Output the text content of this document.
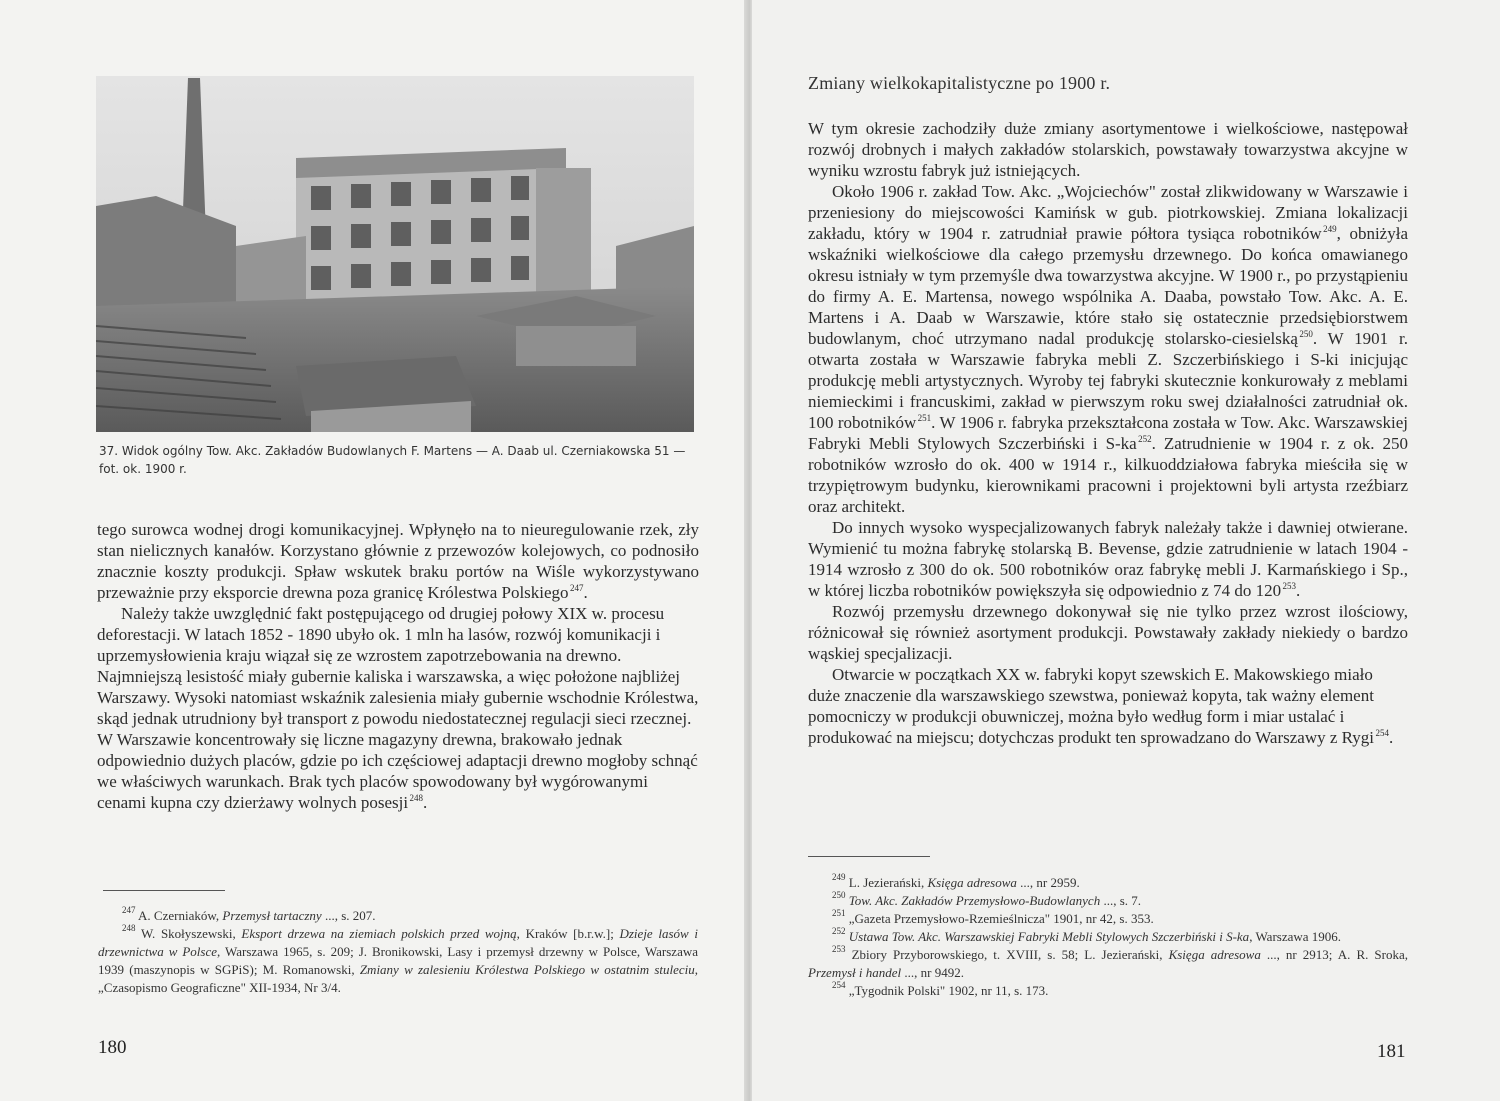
37. Widok ogólny Tow. Akc. Zakładów Budowlanych F. Martens — A. Daab ul. Czerniakowska 51 —

fot. ok. 1900 r.

tego surowca wodnej drogi komunikacyjnej. Wpłynęło na to nieuregulowanie rzek, zły stan nielicznych kanałów. Korzystano głównie z przewozów kolejowych, co podnosiło znacznie koszty produkcji. Spław wskutek braku portów na Wiśle wykorzystywano przeważnie przy eksporcie drewna poza granicę Królestwa Polskiego $^{247}$.

Należy także uwzględnić fakt postępującego od drugiej połowy XIX w. procesu deforestacji. W latach 1852 - 1890 ubyło ok. 1 mln ha lasów, rozwój komunikacji i uprzemysłowienia kraju wiązał się ze wzrostem zapotrzebowania na drewno. Najmniejszą lesistość miały gubernie kaliska i warszawska, a więc położone najbliżej Warszawy. Wysoki natomiast wskaźnik zalesienia miały gubernie wschodnie Królestwa, skąd jednak utrudniony był transport z powodu niedostatecznej regulacji sieci rzecznej. W Warszawie koncentrowały się liczne magazyny drewna, brakowało jednak odpowiednio dużych placów, gdzie po ich częściowej adaptacji drewno mogłoby schnąć we właściwych warunkach. Brak tych placów spowodowany był wygórowanymi cenami kupna czy dzierżawy wolnych posesji $^{248}$.

$^{247}$ A. Czerniaków, Przemysł tartaczny ..., s. 207.

$^{248}$ W. Skołyszewski, Eksport drzewa na ziemiach polskich przed wojną, Kraków [b.r.w.]; Dzieje lasów i drzewnictwa w Polsce, Warszawa 1965, s. 209; J. Bronikowski, Lasy i przemysł drzewny w Polsce, Warszawa 1939 (maszynopis w SGPiS); M. Romanowski, Zmiany w zalesieniu Królestwa Polskiego w ostatnim stuleciu, „Czasopismo Geograficzne" XII-1934, Nr 3/4.

180
Zmiany wielkokapitalistyczne po 1900 r.

W tym okresie zachodziły duże zmiany asortymentowe i wielkościowe, następował rozwój drobnych i małych zakładów stolarskich, powstawały towarzystwa akcyjne w wyniku wzrostu fabryk już istniejących.

Około 1906 r. zakład Tow. Akc. „Wojciechów" został zlikwidowany w Warszawie i przeniesiony do miejscowości Kamińsk w gub. piotrkowskiej. Zmiana lokalizacji zakładu, który w 1904 r. zatrudniał prawie półtora tysiąca robotników $^{249}$, obniżyła wskaźniki wielkościowe dla całego przemysłu drzewnego. Do końca omawianego okresu istniały w tym przemyśle dwa towarzystwa akcyjne. W 1900 r., po przystąpieniu do firmy A. E. Martensa, nowego wspólnika A. Daaba, powstało Tow. Akc. A. E. Martens i A. Daab w Warszawie, które stało się ostatecznie przedsiębiorstwem budowlanym, choć utrzymano nadal produkcję stolarsko-ciesielską $^{250}$. W 1901 r. otwarta została w Warszawie fabryka mebli Z. Szczerbińskiego i S-ki inicjując produkcję mebli artystycznych. Wyroby tej fabryki skutecznie konkurowały z meblami niemieckimi i francuskimi, zakład w pierwszym roku swej działalności zatrudniał ok. 100 robotników $^{251}$. W 1906 r. fabryka przekształcona została w Tow. Akc. Warszawskiej Fabryki Mebli Stylowych Szczerbiński i S-ka $^{252}$. Zatrudnienie w 1904 r. z ok. 250 robotników wzrosło do ok. 400 w 1914 r., kilkuoddziałowa fabryka mieściła się w trzypiętrowym budynku, kierownikami pracowni i projektowni byli artysta rzeźbiarz oraz architekt.

Do innych wysoko wyspecjalizowanych fabryk należały także i dawniej otwierane. Wymienić tu można fabrykę stolarską B. Bevense, gdzie zatrudnienie w latach 1904 - 1914 wzrosło z 300 do ok. 500 robotników oraz fabrykę mebli J. Karmańskiego i Sp., w której liczba robotników powiększyła się odpowiednio z 74 do 120 $^{253}$.

Rozwój przemysłu drzewnego dokonywał się nie tylko przez wzrost ilościowy, różnicował się również asortyment produkcji. Powstawały zakłady niekiedy o bardzo wąskiej specjalizacji.

Otwarcie w początkach XX w. fabryki kopyt szewskich E. Makowskiego miało duże znaczenie dla warszawskiego szewstwa, ponieważ kopyta, tak ważny element pomocniczy w produkcji obuwniczej, można było według form i miar ustalać i produkować na miejscu; dotychczas produkt ten sprowadzano do Warszawy z Rygi $^{254}$.

$^{249}$ L. Jezierański, Księga adresowa ..., nr 2959.

$^{250}$ Tow. Akc. Zakładów Przemysłowo-Budowlanych ..., s. 7.

$^{251}$ „Gazeta Przemysłowo-Rzemieślnicza" 1901, nr 42, s. 353.

$^{252}$ Ustawa Tow. Akc. Warszawskiej Fabryki Mebli Stylowych Szczerbiński i S-ka, Warszawa 1906.

$^{253}$ Zbiory Przyborowskiego, t. XVIII, s. 58; L. Jezierański, Księga adresowa ..., nr 2913; A. R. Sroka, Przemysł i handel ..., nr 9492.

$^{254}$ „Tygodnik Polski" 1902, nr 11, s. 173.

181
